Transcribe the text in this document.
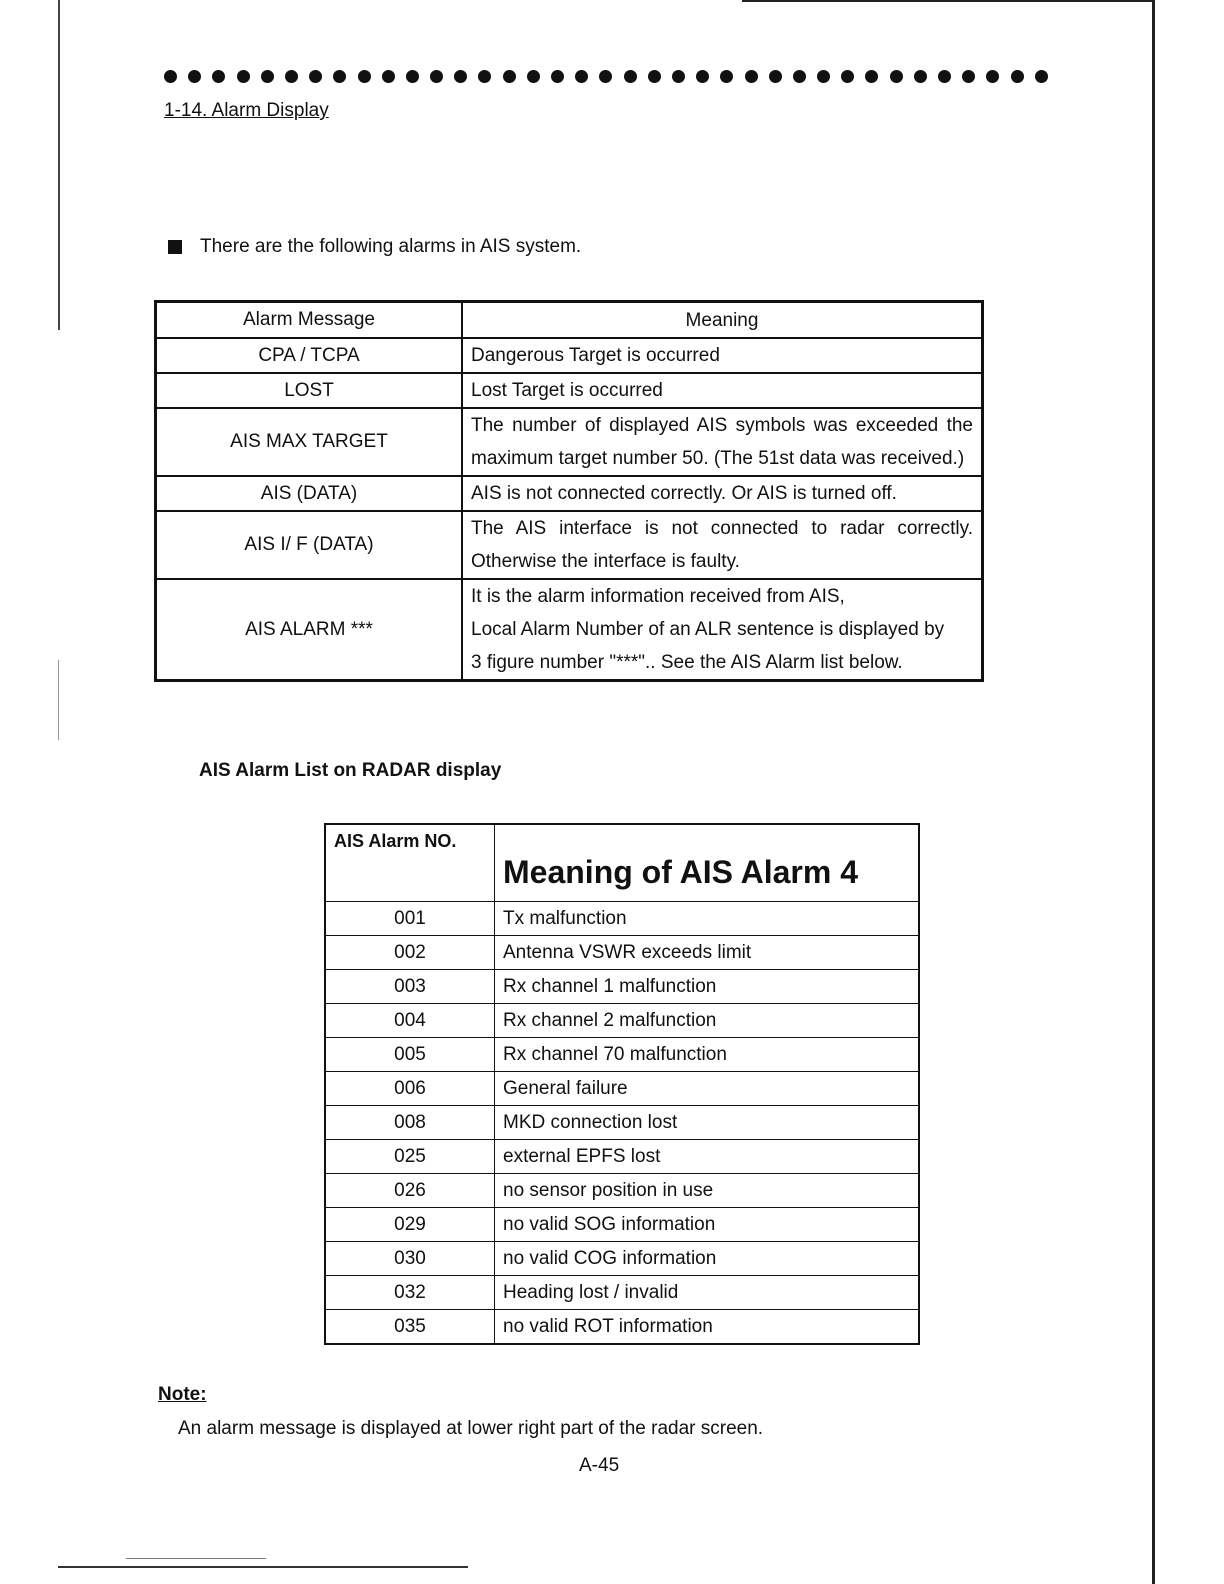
1-14. Alarm Display
There are the following alarms in AIS system.
Alarm Message	Meaning
CPA / TCPA	Dangerous Target is occurred
LOST	Lost Target is occurred
AIS MAX TARGET	The number of displayed AIS symbols was exceeded the maximum target number 50. (The 51st data was received.)
AIS (DATA)	AIS is not connected correctly. Or AIS is turned off.
AIS I/ F (DATA)	The AIS interface is not connected to radar correctly. Otherwise the interface is faulty.
AIS ALARM ***	It is the alarm information received from AIS,
Local Alarm Number of an ALR sentence is displayed by
3 figure number "***".. See the AIS Alarm list below.
AIS Alarm List on RADAR display
AIS Alarm NO.	Meaning of AIS Alarm 4
001	Tx malfunction
002	Antenna VSWR exceeds limit
003	Rx channel 1 malfunction
004	Rx channel 2 malfunction
005	Rx channel 70 malfunction
006	General failure
008	MKD connection lost
025	external EPFS lost
026	no sensor position in use
029	no valid SOG information
030	no valid COG information
032	Heading lost / invalid
035	no valid ROT information
Note:
An alarm message is displayed at lower right part of the radar screen.
A-45
